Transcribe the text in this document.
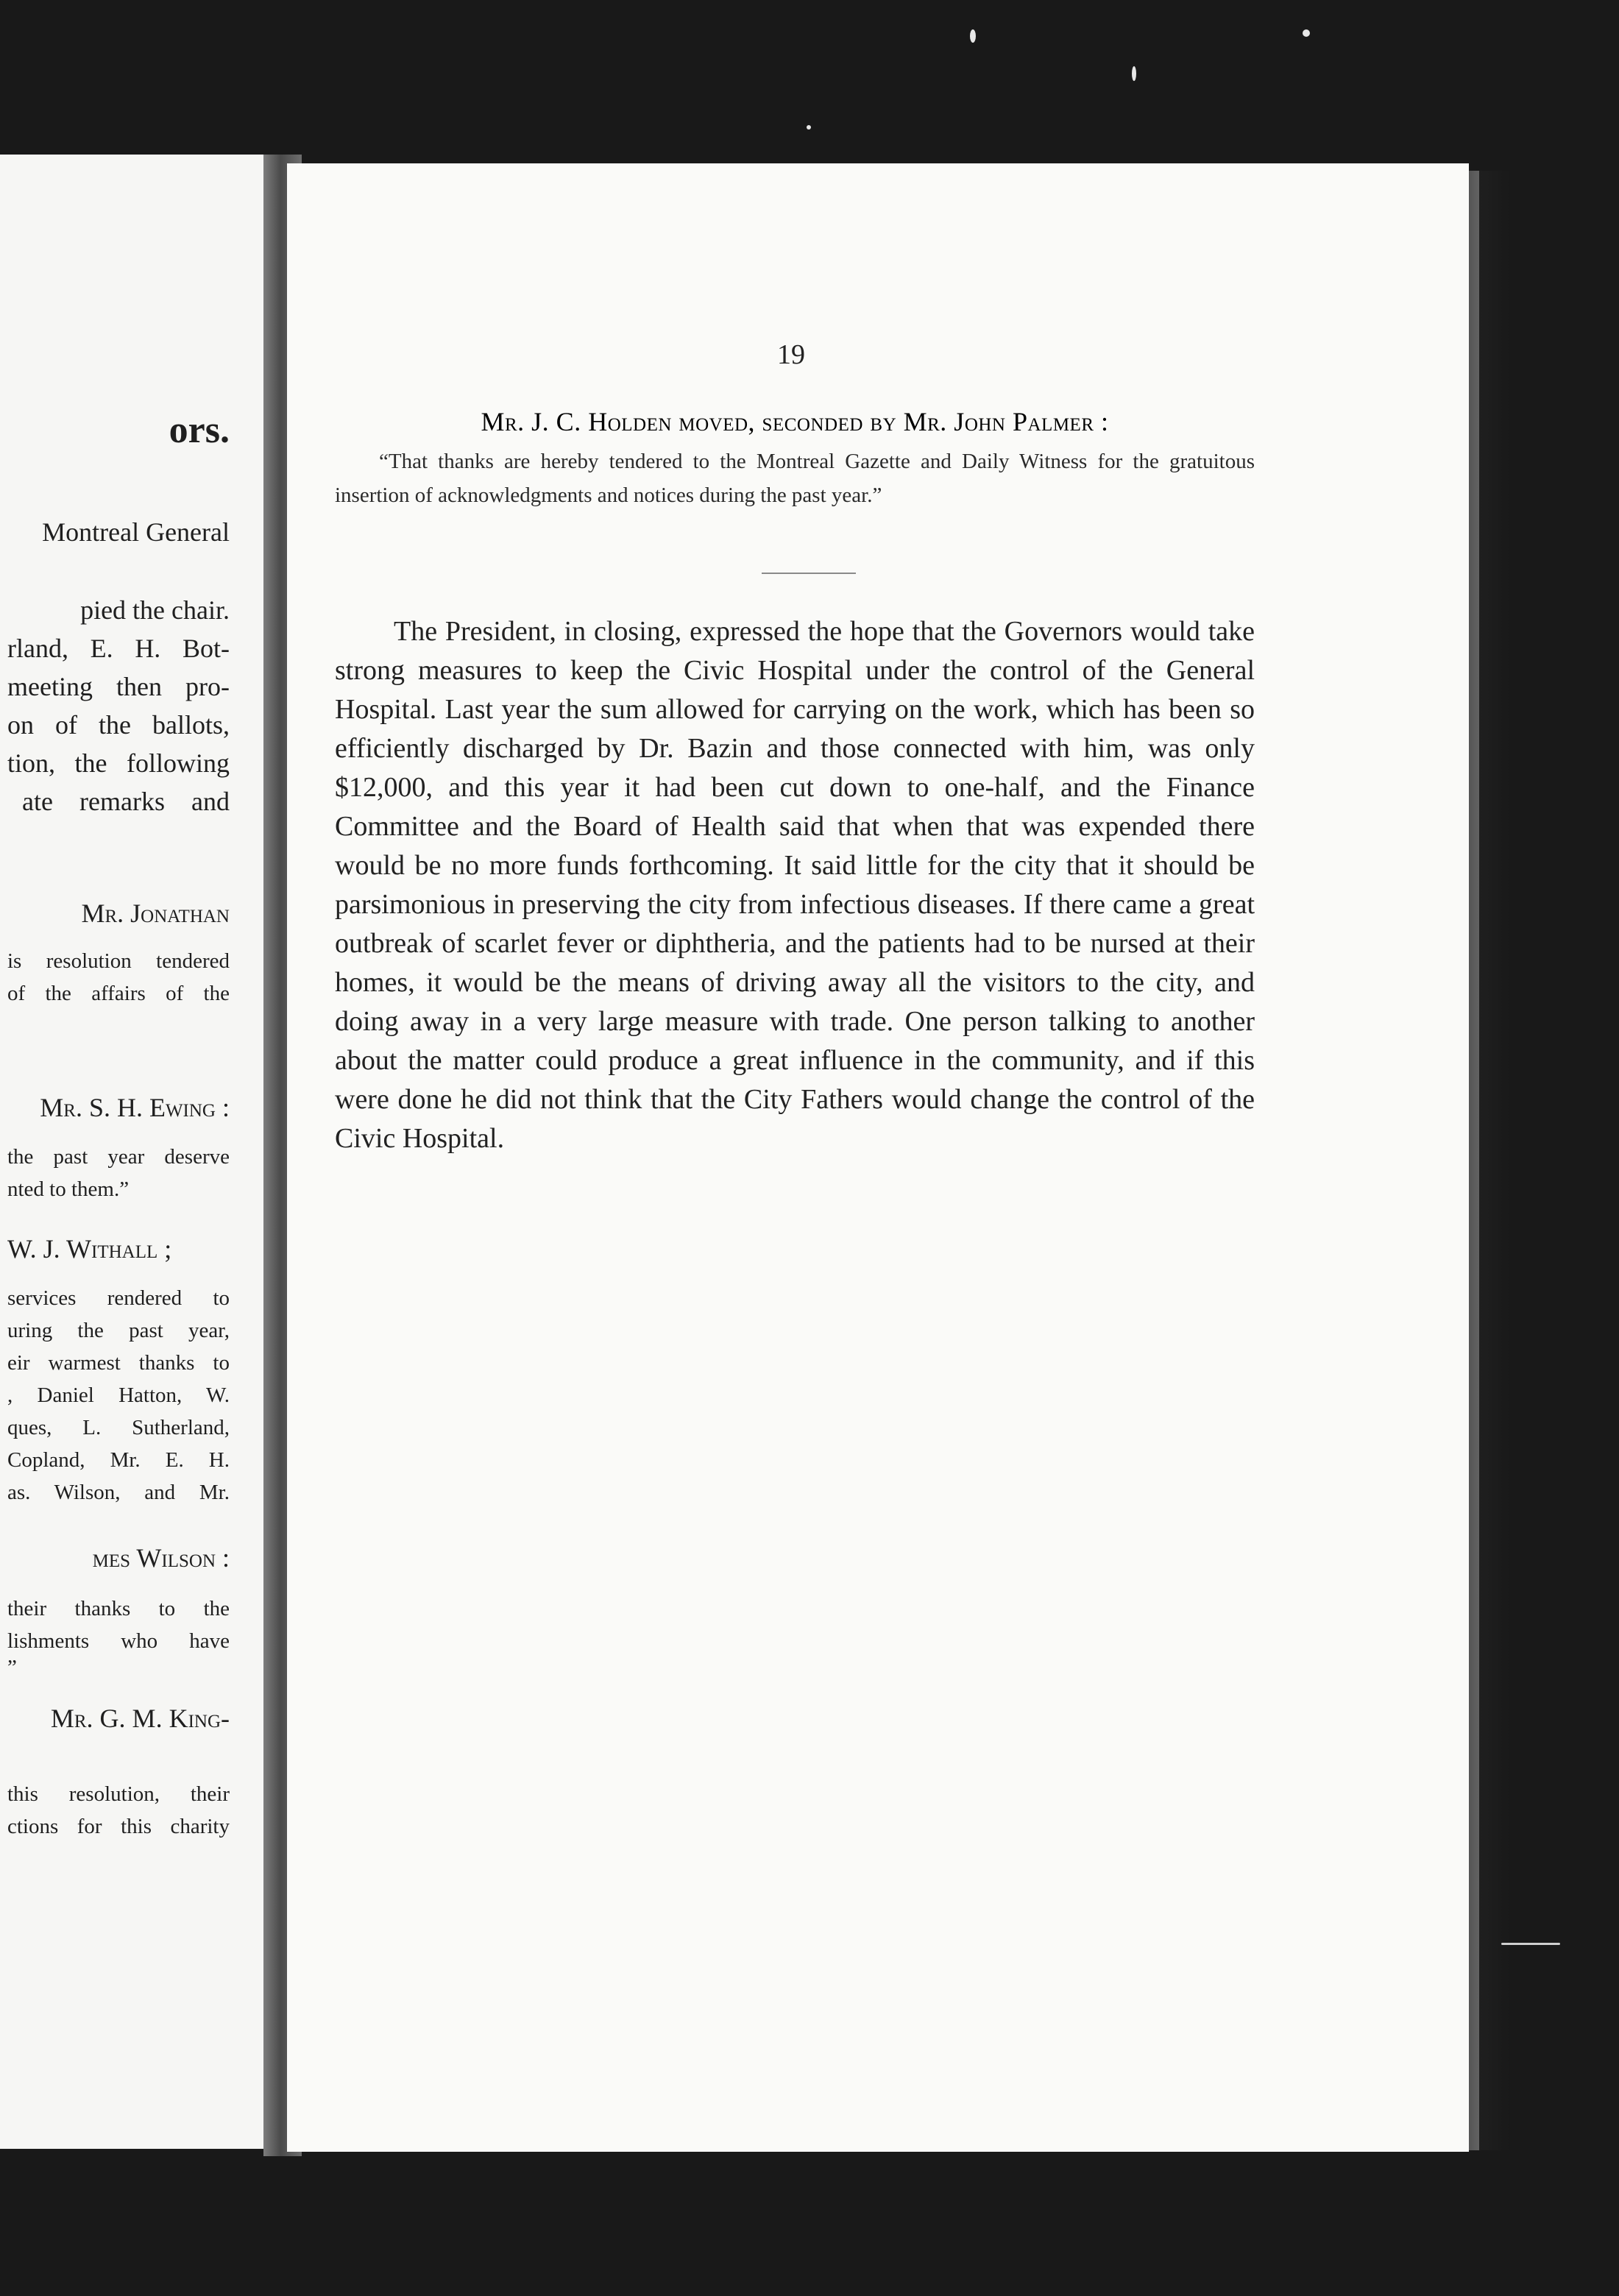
ors.
Montreal General
pied the chair.
rland, E. H. Bot-
meeting then pro-
on of the ballots,
tion, the following
ate remarks and
Mr. Jonathan
is resolution tendered
of the affairs of the
Mr. S. H. Ewing :
the past year deserve
nted to them.”
W. J. Withall ;
services rendered to
uring the past year,
eir warmest thanks to
, Daniel Hatton, W.
ques, L. Sutherland,
Copland, Mr. E. H.
as. Wilson, and Mr.
mes Wilson :
their thanks to the
lishments who have
”
Mr. G. M. King-
this resolution, their
ctions for this charity
19
Mr. J. C. Holden moved, seconded by Mr. John Palmer :
“That thanks are hereby tendered to the Montreal Gazette and Daily Witness for the gratuitous insertion of acknowledgments and notices during the past year.”
The President, in closing, expressed the hope that the Governors would take strong measures to keep the Civic Hospital under the control of the General Hospital. Last year the sum allowed for carrying on the work, which has been so efficiently discharged by Dr. Bazin and those connected with him, was only $12,000, and this year it had been cut down to one-half, and the Finance Committee and the Board of Health said that when that was expended there would be no more funds forthcoming. It said little for the city that it should be parsimonious in preserving the city from infectious diseases. If there came a great outbreak of scarlet fever or diphtheria, and the patients had to be nursed at their homes, it would be the means of driving away all the visitors to the city, and doing away in a very large measure with trade. One person talking to another about the matter could produce a great influence in the community, and if this were done he did not think that the City Fathers would change the control of the Civic Hospital.
